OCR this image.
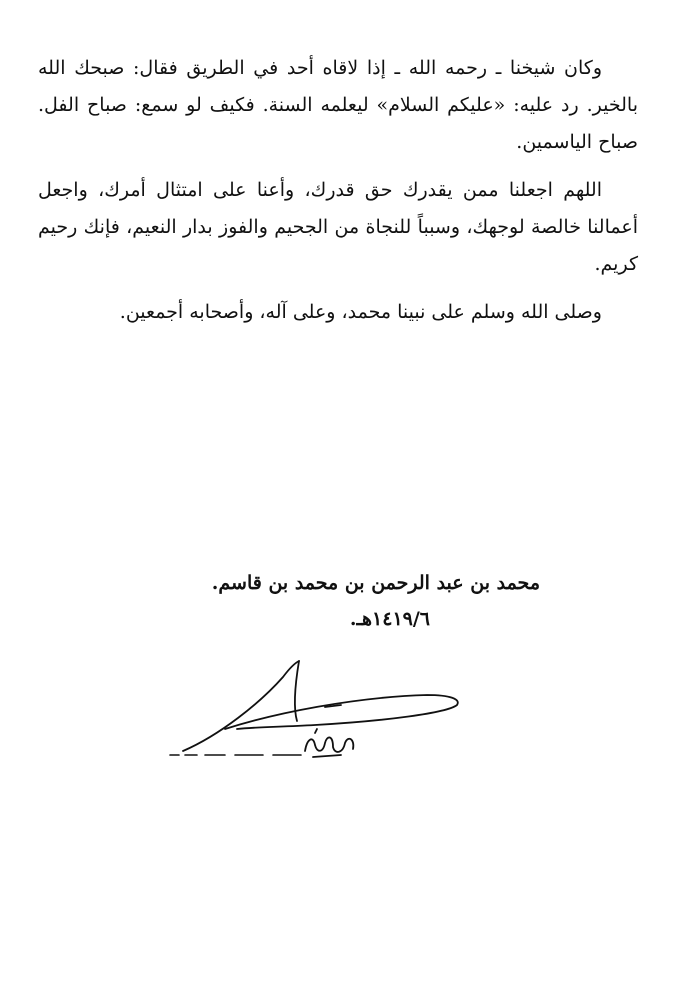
وكان شيخنا ـ رحمه الله ـ إذا لاقاه أحد في الطريق فقال: صبحك الله بالخير. رد عليه: «عليكم السلام» ليعلمه السنة. فكيف لو سمع: صباح الفل. صباح الياسمين.

اللهم اجعلنا ممن يقدرك حق قدرك، وأعنا على امتثال أمرك، واجعل أعمالنا خالصة لوجهك، وسبباً للنجاة من الجحيم والفوز بدار النعيم، فإنك رحيم كريم.

وصلى الله وسلم على نبينا محمد، وعلى آله، وأصحابه أجمعين.

محمد بن عبد الرحمن بن محمد بن قاسم.
١٤١٩/٦هـ.
